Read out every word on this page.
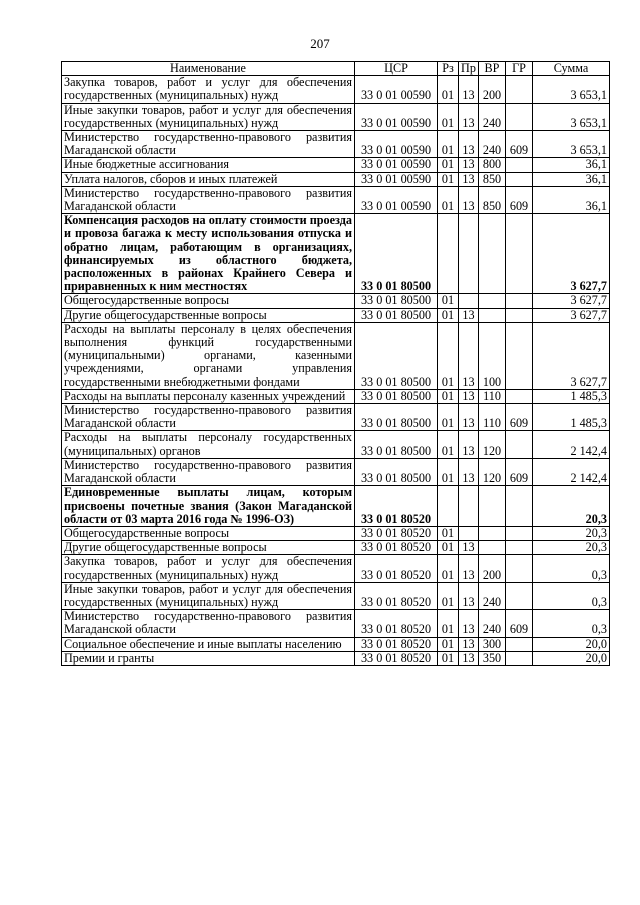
207
Наименование	ЦСР	Рз	Пр	ВР	ГР	Сумма
Закупка товаров, работ и услуг для обеспечения государственных (муниципальных) нужд	33 0 01 00590	01	13	200		3 653,1
Иные закупки товаров, работ и услуг для обеспечения государственных (муниципальных) нужд	33 0 01 00590	01	13	240		3 653,1
Министерство государственно-правового развития Магаданской области	33 0 01 00590	01	13	240	609	3 653,1
Иные бюджетные ассигнования	33 0 01 00590	01	13	800		36,1
Уплата налогов, сборов и иных платежей	33 0 01 00590	01	13	850		36,1
Министерство государственно-правового развития Магаданской области	33 0 01 00590	01	13	850	609	36,1
Компенсация расходов на оплату стоимости проезда и провоза багажа к месту использования отпуска и обратно лицам, работающим в организациях, финансируемых из областного бюджета, расположенных в районах Крайнего Севера и приравненных к ним местностях	33 0 01 80500					3 627,7
Общегосударственные вопросы	33 0 01 80500	01				3 627,7
Другие общегосударственные вопросы	33 0 01 80500	01	13			3 627,7
Расходы на выплаты персоналу в целях обеспечения выполнения функций государственными (муниципальными) органами, казенными учреждениями, органами управления государственными внебюджетными фондами	33 0 01 80500	01	13	100		3 627,7
Расходы на выплаты персоналу казенных учреждений	33 0 01 80500	01	13	110		1 485,3
Министерство государственно-правового развития Магаданской области	33 0 01 80500	01	13	110	609	1 485,3
Расходы на выплаты персоналу государственных (муниципальных) органов	33 0 01 80500	01	13	120		2 142,4
Министерство государственно-правового развития Магаданской области	33 0 01 80500	01	13	120	609	2 142,4
Единовременные выплаты лицам, которым присвоены почетные звания (Закон Магаданской области от 03 марта 2016 года № 1996-ОЗ)	33 0 01 80520					20,3
Общегосударственные вопросы	33 0 01 80520	01				20,3
Другие общегосударственные вопросы	33 0 01 80520	01	13			20,3
Закупка товаров, работ и услуг для обеспечения государственных (муниципальных) нужд	33 0 01 80520	01	13	200		0,3
Иные закупки товаров, работ и услуг для обеспечения государственных (муниципальных) нужд	33 0 01 80520	01	13	240		0,3
Министерство государственно-правового развития Магаданской области	33 0 01 80520	01	13	240	609	0,3
Социальное обеспечение и иные выплаты населению	33 0 01 80520	01	13	300		20,0
Премии и гранты	33 0 01 80520	01	13	350		20,0
